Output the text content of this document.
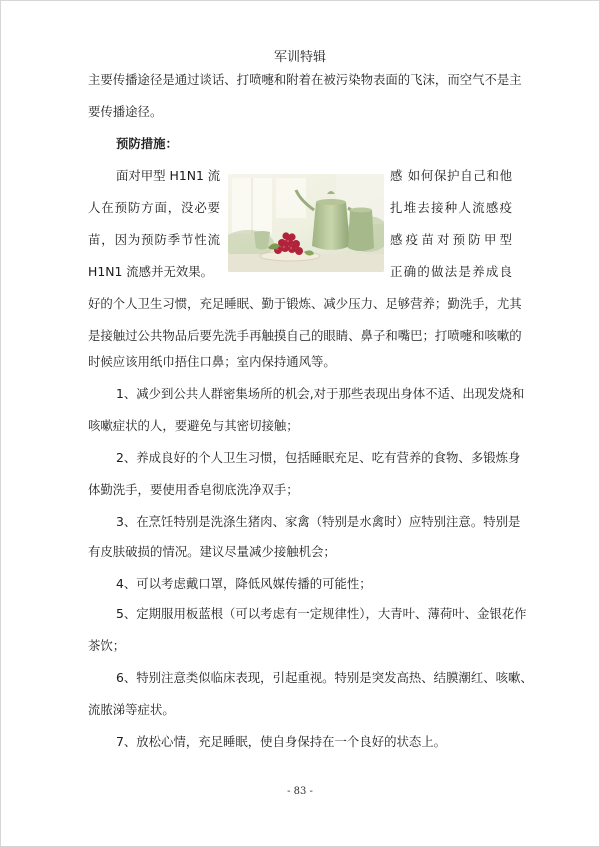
军训特辑
主要传播途径是通过谈话、打喷嚏和附着在被污染物表面的飞沫，而空气不是主
要传播途径。
预防措施：
面对甲型 H1N1 流	感 如何保护自己和他
人在预防方面，没必要	扎堆去接种人流感疫
苗，因为预防季节性流	感疫苗对预防甲型
H1N1 流感并无效果。	正确的做法是养成良
好的个人卫生习惯，充足睡眠、勤于锻炼、减少压力、足够营养；勤洗手，尤其
是接触过公共物品后要先洗手再触摸自己的眼睛、鼻子和嘴巴；打喷嚏和咳嗽的
时候应该用纸巾捂住口鼻；室内保持通风等。
1、减少到公共人群密集场所的机会,对于那些表现出身体不适、出现发烧和
咳嗽症状的人，要避免与其密切接触；
2、养成良好的个人卫生习惯，包括睡眠充足、吃有营养的食物、多锻炼身
体勤洗手，要使用香皂彻底洗净双手；
3、在烹饪特别是洗涤生猪肉、家禽（特别是水禽时）应特别注意。特别是
有皮肤破损的情况。建议尽量减少接触机会；
4、可以考虑戴口罩，降低风媒传播的可能性；
5、定期服用板蓝根（可以考虑有一定规律性），大青叶、薄荷叶、金银花作
茶饮；
6、特别注意类似临床表现，引起重视。特别是突发高热、结膜潮红、咳嗽、
流脓涕等症状。
7、放松心情，充足睡眠，使自身保持在一个良好的状态上。
- 83 -
